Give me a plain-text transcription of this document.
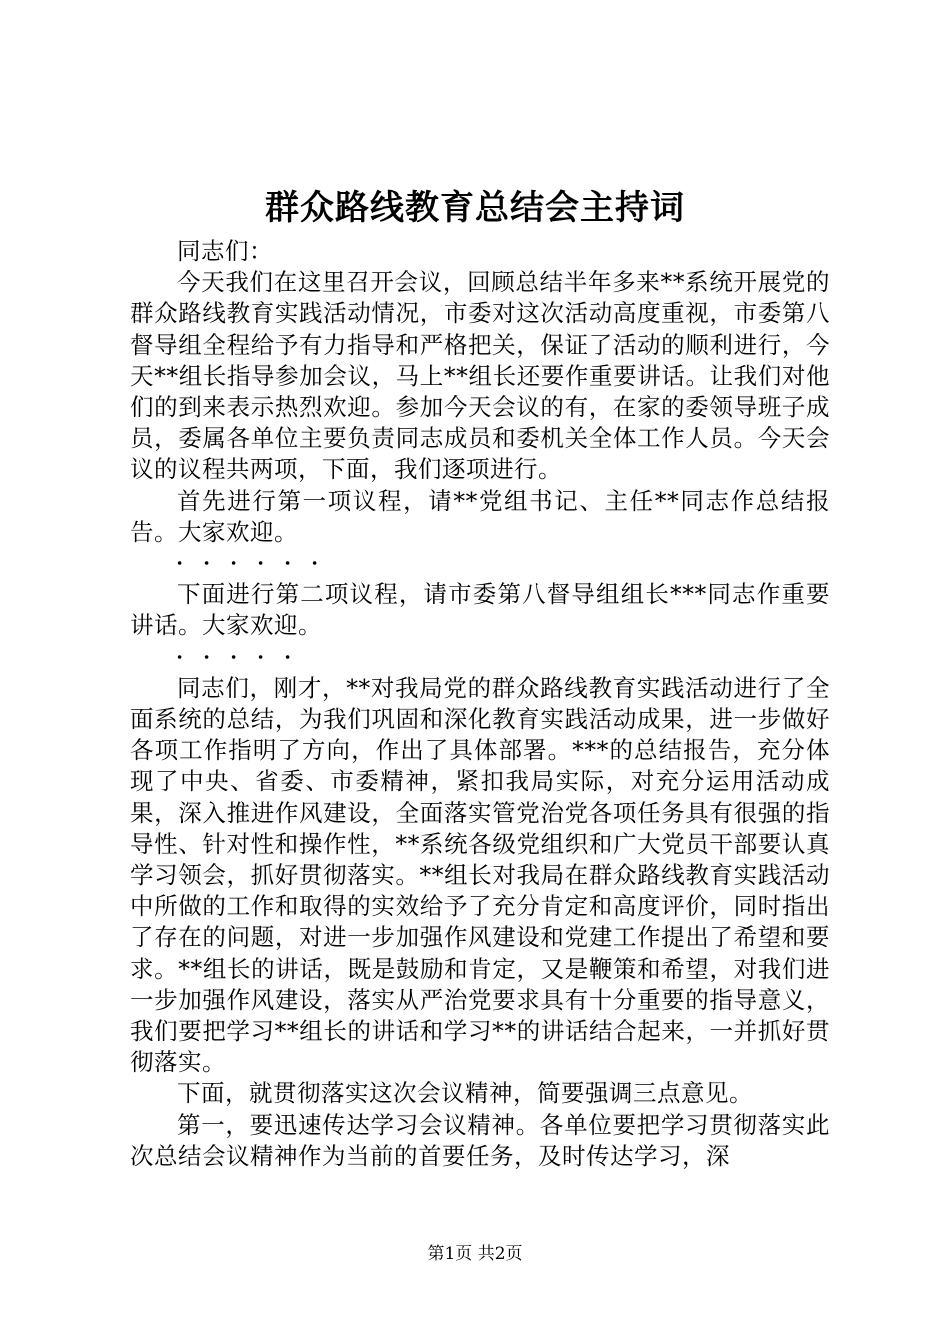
群众路线教育总结会主持词

同志们：

今天我们在这里召开会议，回顾总结半年多来**系统开展党的群众路线教育实践活动情况，市委对这次活动高度重视，市委第八督导组全程给予有力指导和严格把关，保证了活动的顺利进行，今天**组长指导参加会议，马上**组长还要作重要讲话。让我们对他们的到来表示热烈欢迎。参加今天会议的有，在家的委领导班子成员，委属各单位主要负责同志成员和委机关全体工作人员。今天会议的议程共两项，下面，我们逐项进行。

首先进行第一项议程，请**党组书记、主任**同志作总结报告。大家欢迎。

・・・・・・

下面进行第二项议程，请市委第八督导组组长***同志作重要讲话。大家欢迎。

・・・・・

同志们，刚才，**对我局党的群众路线教育实践活动进行了全面系统的总结，为我们巩固和深化教育实践活动成果，进一步做好各项工作指明了方向，作出了具体部署。***的总结报告，充分体现了中央、省委、市委精神，紧扣我局实际，对充分运用活动成果，深入推进作风建设，全面落实管党治党各项任务具有很强的指导性、针对性和操作性，**系统各级党组织和广大党员干部要认真学习领会，抓好贯彻落实。**组长对我局在群众路线教育实践活动中所做的工作和取得的实效给予了充分肯定和高度评价，同时指出了存在的问题，对进一步加强作风建设和党建工作提出了希望和要求。**组长的讲话，既是鼓励和肯定，又是鞭策和希望，对我们进一步加强作风建设，落实从严治党要求具有十分重要的指导意义，我们要把学习**组长的讲话和学习**的讲话结合起来，一并抓好贯彻落实。

下面，就贯彻落实这次会议精神，简要强调三点意见。

第一，要迅速传达学习会议精神。各单位要把学习贯彻落实此次总结会议精神作为当前的首要任务，及时传达学习，深

第1页 共2页
